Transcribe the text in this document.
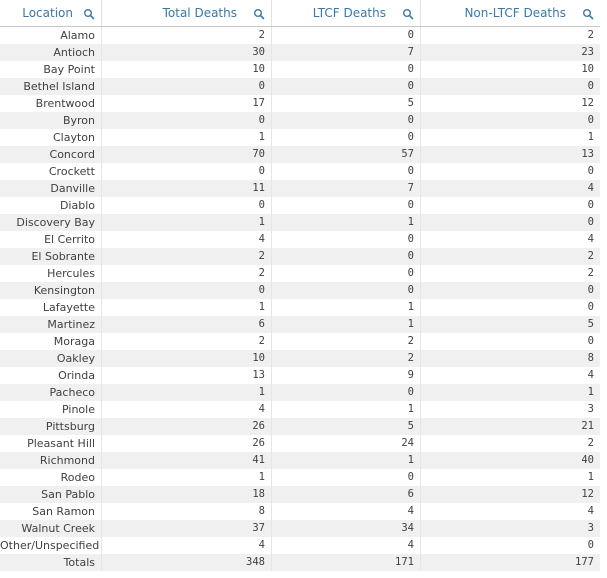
Location	Total Deaths	LTCF Deaths	Non-LTCF Deaths
Alamo	2	0	2
Antioch	30	7	23
Bay Point	10	0	10
Bethel Island	0	0	0
Brentwood	17	5	12
Byron	0	0	0
Clayton	1	0	1
Concord	70	57	13
Crockett	0	0	0
Danville	11	7	4
Diablo	0	0	0
Discovery Bay	1	1	0
El Cerrito	4	0	4
El Sobrante	2	0	2
Hercules	2	0	2
Kensington	0	0	0
Lafayette	1	1	0
Martinez	6	1	5
Moraga	2	2	0
Oakley	10	2	8
Orinda	13	9	4
Pacheco	1	0	1
Pinole	4	1	3
Pittsburg	26	5	21
Pleasant Hill	26	24	2
Richmond	41	1	40
Rodeo	1	0	1
San Pablo	18	6	12
San Ramon	8	4	4
Walnut Creek	37	34	3
Other/Unspecified	4	4	0
Totals	348	171	177
